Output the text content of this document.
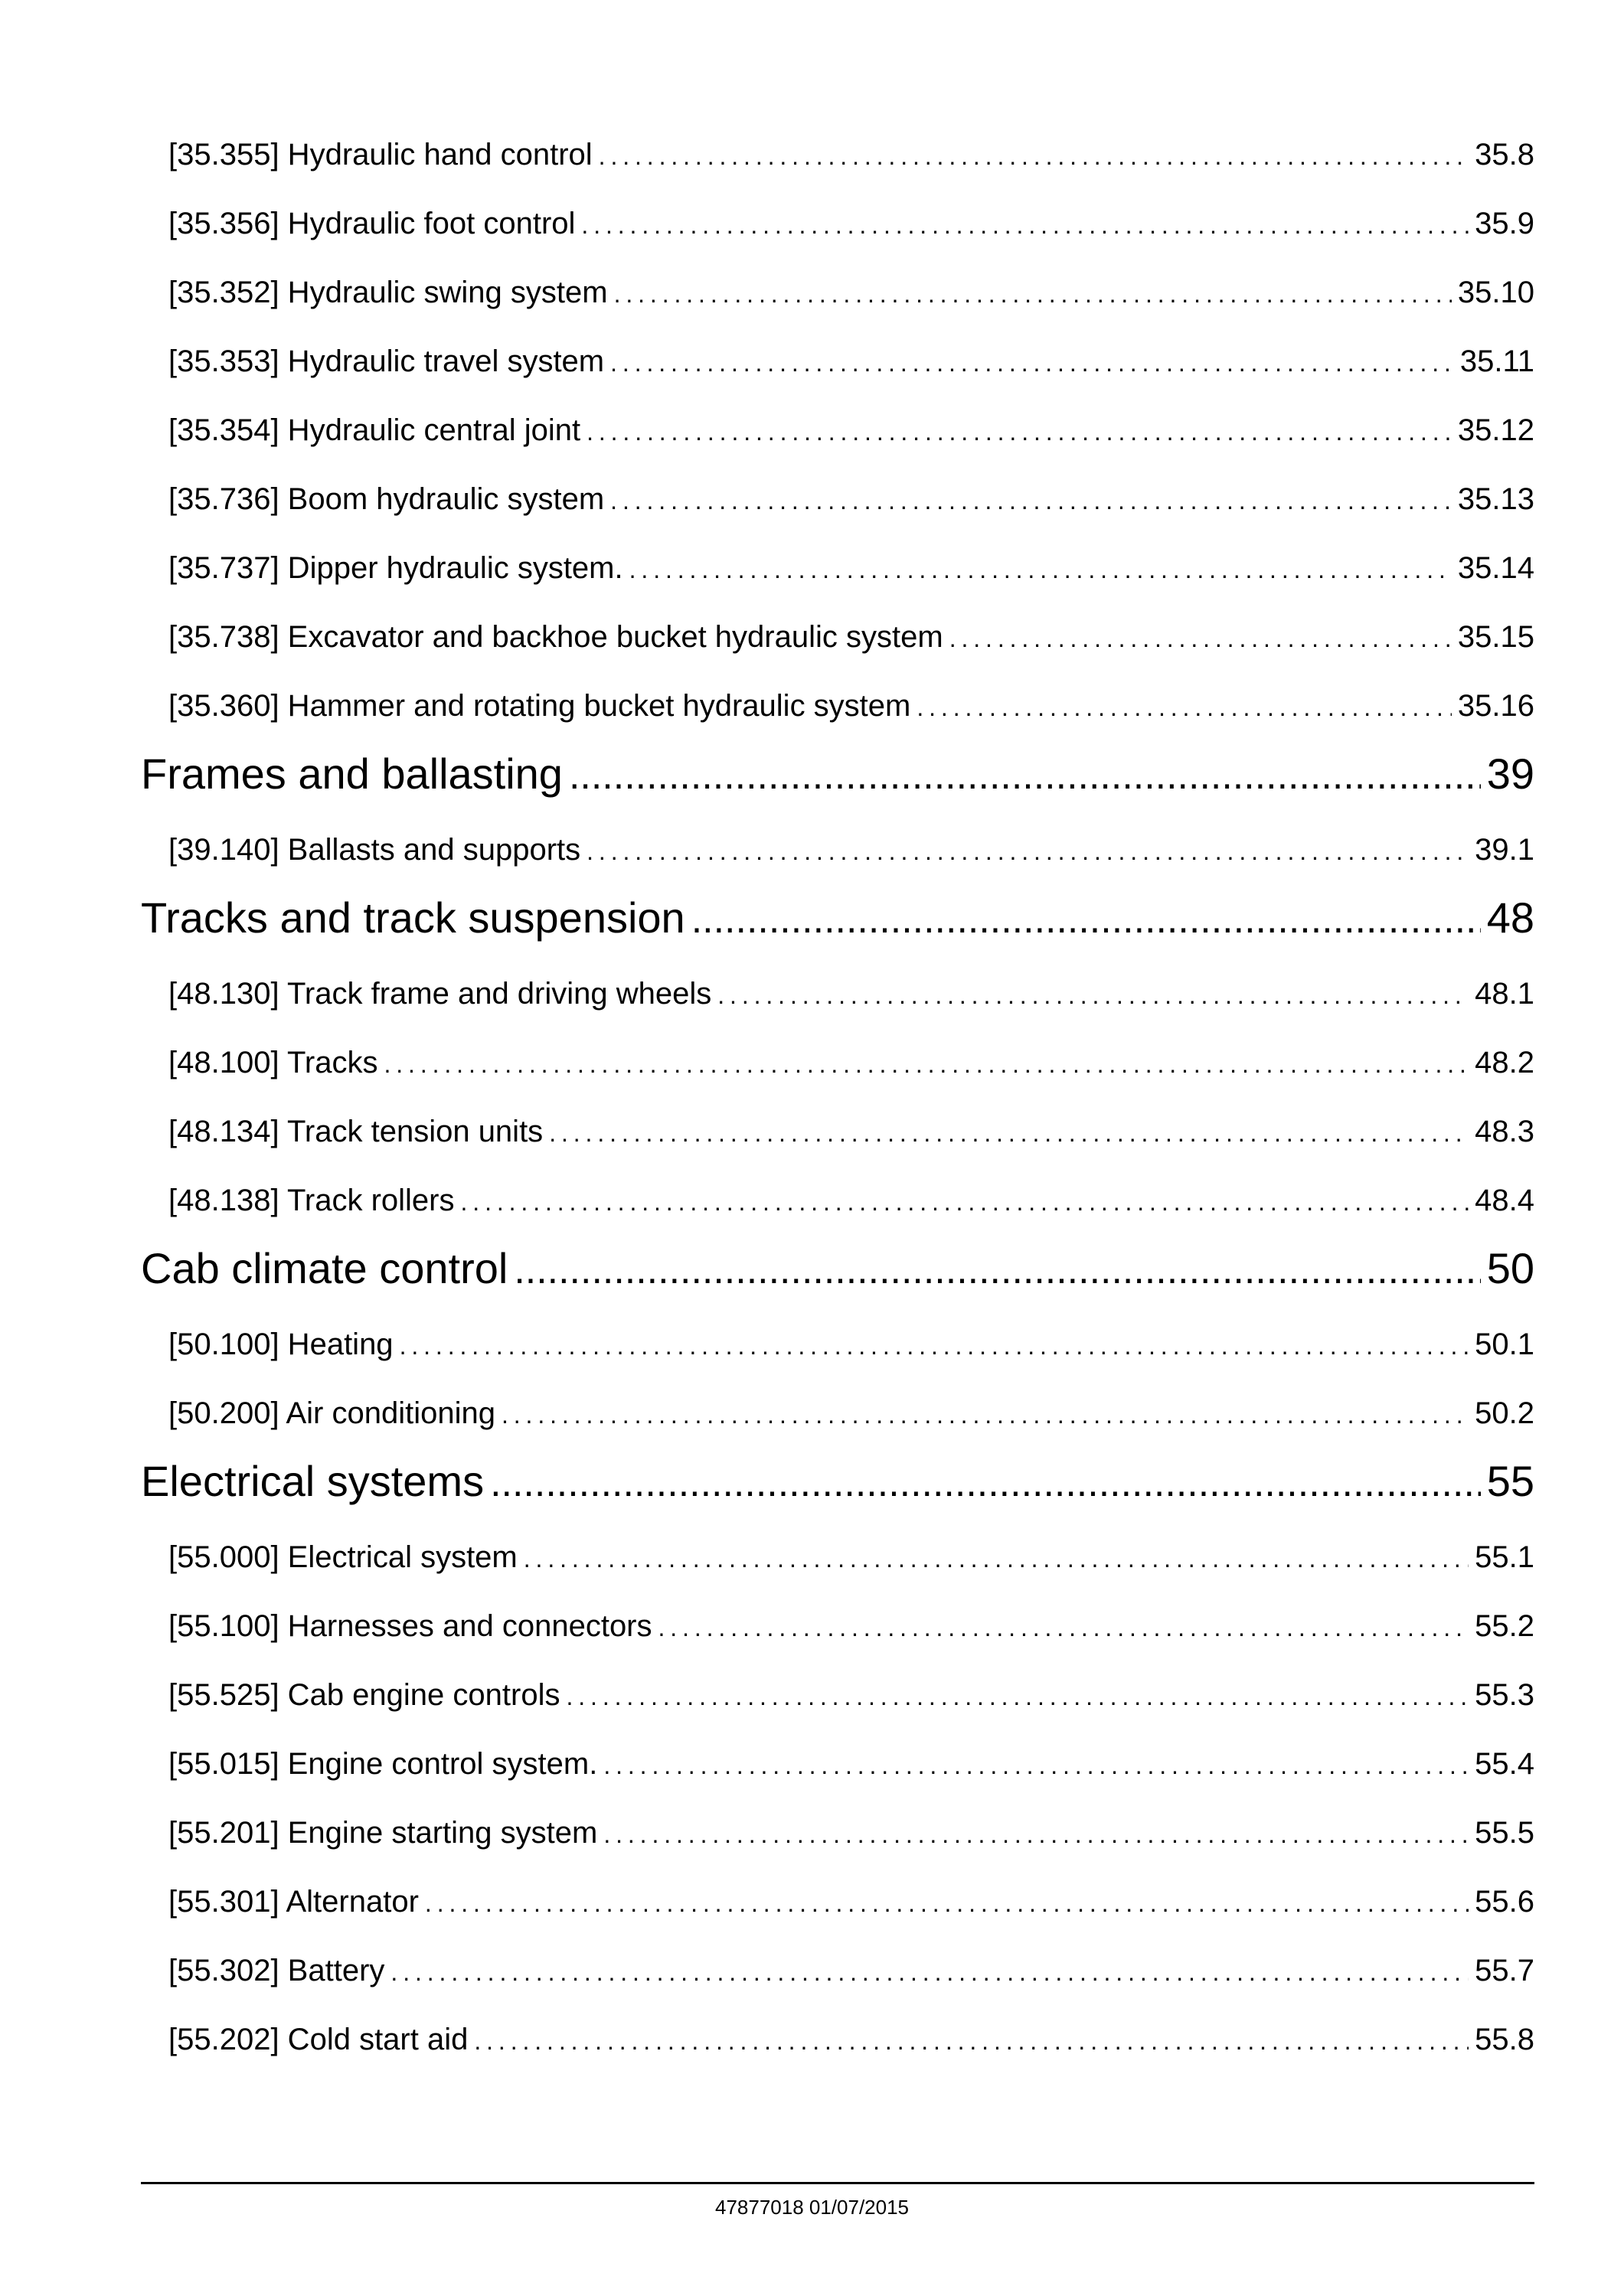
[35.355] Hydraulic hand control . . .	35.8
[35.356] Hydraulic foot control . . .	35.9
[35.352] Hydraulic swing system . . .	35.10
[35.353] Hydraulic travel system . . .	35.11
[35.354] Hydraulic central joint . . .	35.12
[35.736] Boom hydraulic system . . .	35.13
[35.737] Dipper hydraulic system. . . .	35.14
[35.738] Excavator and backhoe bucket hydraulic system . . .	35.15
[35.360] Hammer and rotating bucket hydraulic system . . .	35.16
Frames and ballasting .....	39
[39.140] Ballasts and supports . . .	39.1
Tracks and track suspension .....	48
[48.130] Track frame and driving wheels . . .	48.1
[48.100] Tracks . . .	48.2
[48.134] Track tension units . . .	48.3
[48.138] Track rollers . . .	48.4
Cab climate control .....	50
[50.100] Heating . . .	50.1
[50.200] Air conditioning . . .	50.2
Electrical systems .....	55
[55.000] Electrical system . . .	55.1
[55.100] Harnesses and connectors . . .	55.2
[55.525] Cab engine controls . . .	55.3
[55.015] Engine control system. . . .	55.4
[55.201] Engine starting system . . .	55.5
[55.301] Alternator . . .	55.6
[55.302] Battery . . .	55.7
[55.202] Cold start aid . . .	55.8
47877018 01/07/2015
